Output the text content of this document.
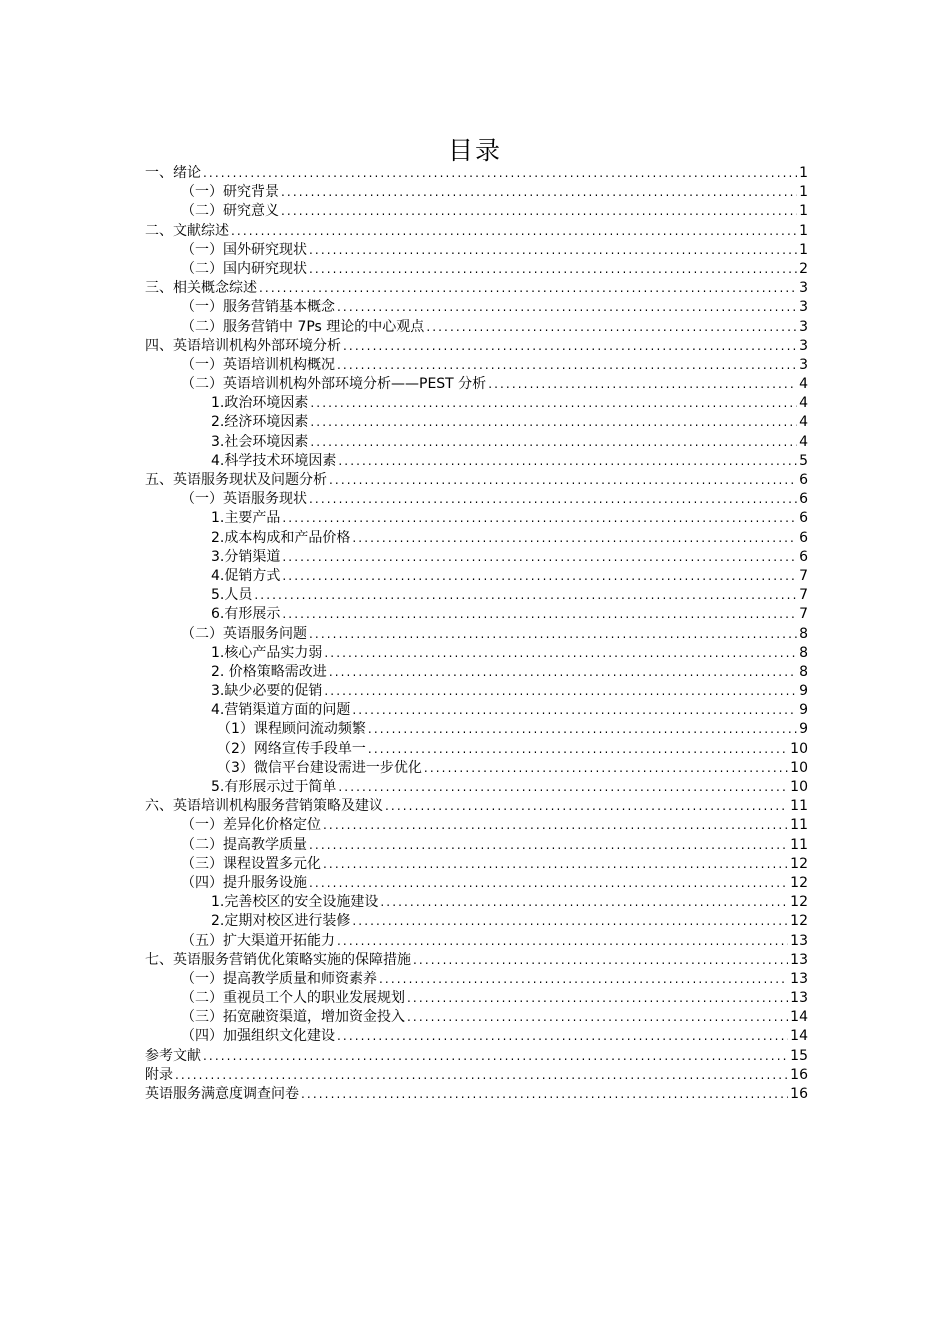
目录
一、绪论 .....	1
（一）研究背景 .....	1
（二）研究意义 .....	1
二、文献综述 .....	1
（一）国外研究现状 .....	1
（二）国内研究现状 .....	2
三、相关概念综述 .....	3
（一）服务营销基本概念 .....	3
（二）服务营销中 7Ps 理论的中心观点 .....	3
四、英语培训机构外部环境分析 .....	3
（一）英语培训机构概况 .....	3
（二）英语培训机构外部环境分析——PEST 分析 .....	4
1.政治环境因素 .....	4
2.经济环境因素 .....	4
3.社会环境因素 .....	4
4.科学技术环境因素 .....	5
五、英语服务现状及问题分析 .....	6
（一）英语服务现状 .....	6
1.主要产品 .....	6
2.成本构成和产品价格 .....	6
3.分销渠道 .....	6
4.促销方式 .....	7
5.人员 .....	7
6.有形展示 .....	7
（二）英语服务问题 .....	8
1.核心产品实力弱 .....	8
2. 价格策略需改进 .....	8
3.缺少必要的促销 .....	9
4.营销渠道方面的问题 .....	9
（1）课程顾问流动频繁 .....	9
（2）网络宣传手段单一 .....	10
（3）微信平台建设需进一步优化 .....	10
5.有形展示过于简单 .....	10
六、英语培训机构服务营销策略及建议 .....	11
（一）差异化价格定位 .....	11
（二）提高教学质量 .....	11
（三）课程设置多元化 .....	12
（四）提升服务设施 .....	12
1.完善校区的安全设施建设 .....	12
2.定期对校区进行装修 .....	12
（五）扩大渠道开拓能力 .....	13
七、英语服务营销优化策略实施的保障措施 .....	13
（一）提高教学质量和师资素养 .....	13
（二）重视员工个人的职业发展规划 .....	13
（三）拓宽融资渠道，增加资金投入 .....	14
（四）加强组织文化建设 .....	14
参考文献 .....	15
附录 .....	16
英语服务满意度调查问卷 .....	16
